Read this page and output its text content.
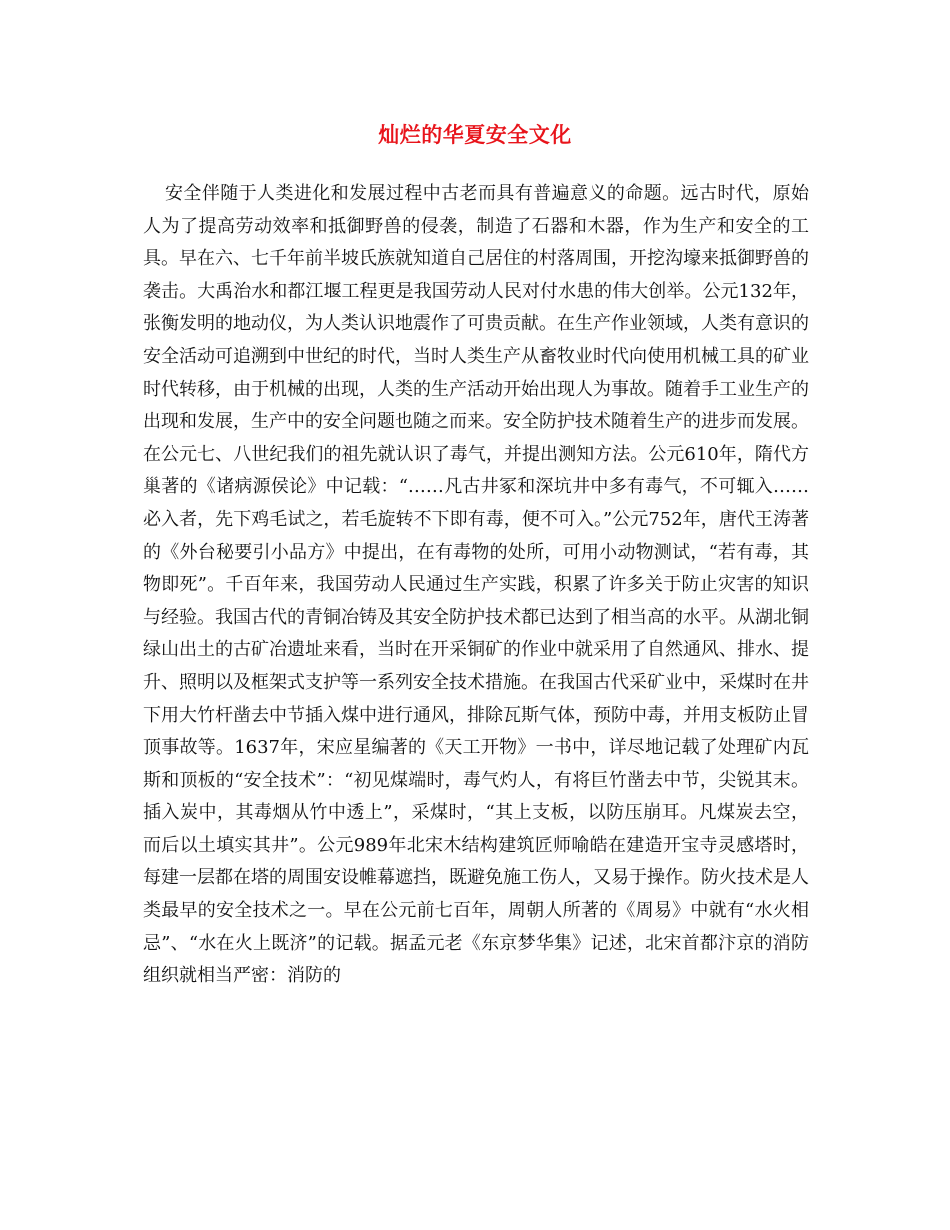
灿烂的华夏安全文化

安全伴随于人类进化和发展过程中古老而具有普遍意义的命题。远古时代，原始人为了提高劳动效率和抵御野兽的侵袭，制造了石器和木器，作为生产和安全的工具。早在六、七千年前半坡氏族就知道自己居住的村落周围，开挖沟壕来抵御野兽的袭击。大禹治水和都江堰工程更是我国劳动人民对付水患的伟大创举。公元132年，张衡发明的地动仪，为人类认识地震作了可贵贡献。在生产作业领域，人类有意识的安全活动可追溯到中世纪的时代，当时人类生产从畜牧业时代向使用机械工具的矿业时代转移，由于机械的出现，人类的生产活动开始出现人为事故。随着手工业生产的出现和发展，生产中的安全问题也随之而来。安全防护技术随着生产的进步而发展。在公元七、八世纪我们的祖先就认识了毒气，并提出测知方法。公元610年，隋代方巢著的《诸病源侯论》中记载：“……凡古井冢和深坑井中多有毒气，不可辄入……必入者，先下鸡毛试之，若毛旋转不下即有毒，便不可入。”公元752年，唐代王涛著的《外台秘要引小品方》中提出，在有毒物的处所，可用小动物测试，“若有毒，其物即死”。千百年来，我国劳动人民通过生产实践，积累了许多关于防止灾害的知识与经验。我国古代的青铜冶铸及其安全防护技术都已达到了相当高的水平。从湖北铜绿山出土的古矿冶遗址来看，当时在开采铜矿的作业中就采用了自然通风、排水、提升、照明以及框架式支护等一系列安全技术措施。在我国古代采矿业中，采煤时在井下用大竹杆凿去中节插入煤中进行通风，排除瓦斯气体，预防中毒，并用支板防止冒顶事故等。1637年，宋应星编著的《天工开物》一书中，详尽地记载了处理矿内瓦斯和顶板的“安全技术”：“初见煤端时，毒气灼人，有将巨竹凿去中节，尖锐其末。插入炭中，其毒烟从竹中透上”，采煤时，“其上支板，以防压崩耳。凡煤炭去空，而后以土填实其井”。公元989年北宋木结构建筑匠师喻皓在建造开宝寺灵感塔时，每建一层都在塔的周围安设帷幕遮挡，既避免施工伤人，又易于操作。防火技术是人类最早的安全技术之一。早在公元前七百年，周朝人所著的《周易》中就有“水火相忌”、“水在火上既济”的记载。据孟元老《东京梦华集》记述，北宋首都汴京的消防组织就相当严密：消防的
